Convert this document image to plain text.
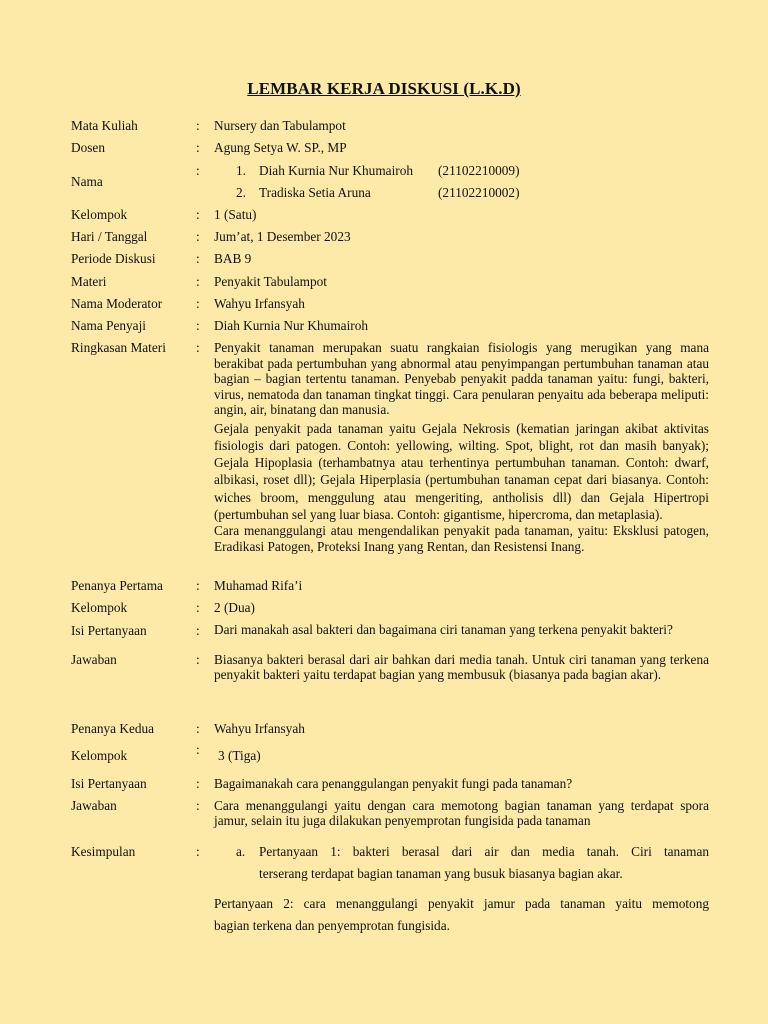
LEMBAR KERJA DISKUSI (L.K.D)
Mata Kuliah	: Nursery dan Tabulampot
Dosen	: Agung Setya W. SP., MP
Nama
:	1. Diah Kurnia Nur Khumairoh (21102210009)
2. Tradiska Setia Aruna	(21102210002)
Kelompok	: 1 (Satu)
Hari / Tanggal	: Jum’at, 1 Desember 2023
Periode Diskusi	: BAB 9
Materi	: Penyakit Tabulampot
Nama Moderator	: Wahyu Irfansyah
Nama Penyaji	: Diah Kurnia Nur Khumairoh
Ringkasan Materi : Penyakit tanaman merupakan suatu rangkaian fisiologis yang merugikan yang mana berakibat pada pertumbuhan yang abnormal atau penyimpangan pertumbuhan tanaman atau bagian – bagian tertentu tanaman. Penyebab penyakit padda tanaman yaitu: fungi, bakteri, virus, nematoda dan tanaman tingkat tinggi. Cara penularan penyaitu ada beberapa meliputi: angin, air, binatang dan manusia.

Gejala penyakit pada tanaman yaitu Gejala Nekrosis (kematian jaringan akibat aktivitas fisiologis dari patogen. Contoh: yellowing, wilting. Spot, blight, rot dan masih banyak); Gejala Hipoplasia (terhambatnya atau terhentinya pertumbuhan tanaman. Contoh: dwarf, albikasi, roset dll); Gejala Hiperplasia (pertumbuhan tanaman cepat dari biasanya. Contoh: wiches broom, menggulung atau mengeriting, antholisis dll) dan Gejala Hipertropi (pertumbuhan sel yang luar biasa. Contoh: gigantisme, hipercroma, dan metaplasia).

Cara menanggulangi atau mengendalikan penyakit pada tanaman, yaitu: Eksklusi patogen, Eradikasi Patogen, Proteksi Inang yang Rentan, dan Resistensi Inang.

Penanya Pertama : Muhamad Rifa’i
Kelompok	: 2 (Dua)
Isi Pertanyaan	: Dari manakah asal bakteri dan bagaimana ciri tanaman yang terkena penyakit bakteri?
Jawaban	: Biasanya bakteri berasal dari air bahkan dari media tanah. Untuk ciri tanaman yang terkena penyakit bakteri yaitu terdapat bagian yang membusuk (biasanya pada bagian akar).
Penanya Kedua	: Wahyu Irfansyah
Kelompok	: 3 (Tiga)
Isi Pertanyaan	: Bagaimanakah cara penanggulangan penyakit fungi pada tanaman?
Jawaban	: Cara menanggulangi yaitu dengan cara memotong bagian tanaman yang terdapat spora jamur, selain itu juga dilakukan penyemprotan fungisida pada tanaman
Kesimpulan	:	a. Pertanyaan 1: bakteri berasal dari air dan media tanah. Ciri tanaman
terserang terdapat bagian tanaman yang busuk biasanya bagian akar.
Pertanyaan 2: cara menanggulangi penyakit jamur pada tanaman yaitu memotong
bagian terkena dan penyemprotan fungisida.
